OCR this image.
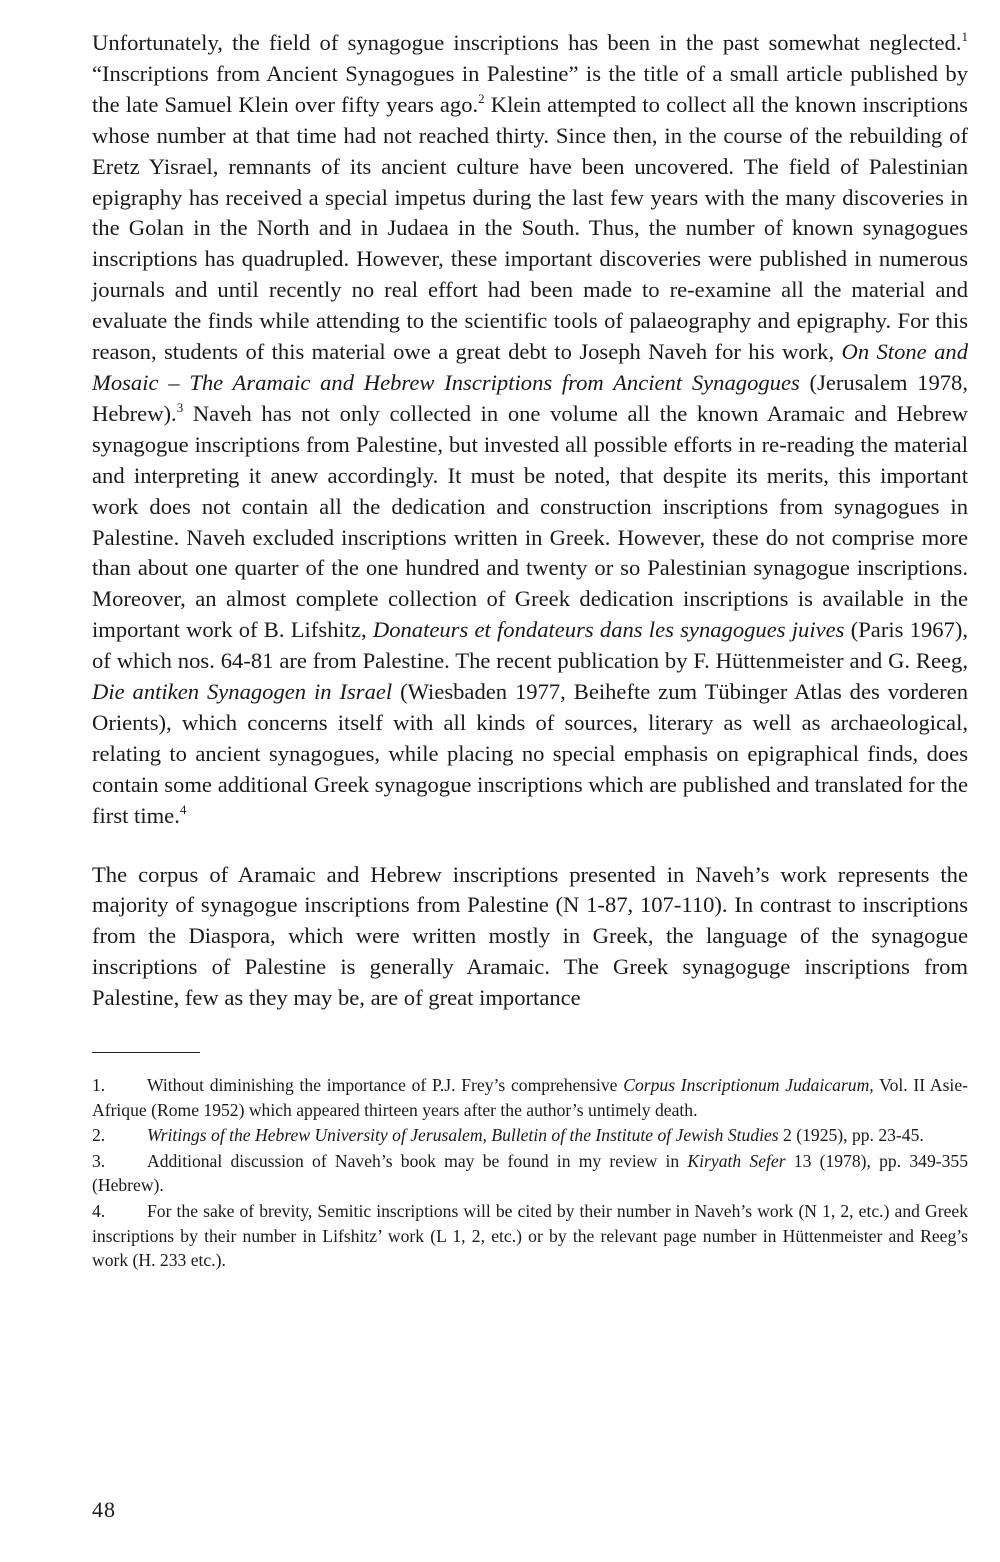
Unfortunately, the field of synagogue inscriptions has been in the past somewhat neglected.$^1$ “Inscriptions from Ancient Synagogues in Palestine” is the title of a small article published by the late Samuel Klein over fifty years ago.$^2$ Klein attempted to collect all the known inscriptions whose number at that time had not reached thirty. Since then, in the course of the rebuilding of Eretz Yisrael, remnants of its ancient culture have been uncovered. The field of Palestinian epigraphy has received a special impetus during the last few years with the many discoveries in the Golan in the North and in Judaea in the South. Thus, the number of known synagogues inscriptions has quadrupled. However, these important discoveries were published in numerous journals and until recently no real effort had been made to re-examine all the material and evaluate the finds while attending to the scientific tools of palaeography and epigraphy. For this reason, students of this material owe a great debt to Joseph Naveh for his work, On Stone and Mosaic – The Aramaic and Hebrew Inscriptions from Ancient Synagogues (Jerusalem 1978, Hebrew).$^3$ Naveh has not only collected in one volume all the known Aramaic and Hebrew synagogue inscriptions from Palestine, but invested all possible efforts in re-reading the material and interpreting it anew accordingly. It must be noted, that despite its merits, this important work does not contain all the dedication and construction inscriptions from synagogues in Palestine. Naveh excluded inscriptions written in Greek. However, these do not comprise more than about one quarter of the one hundred and twenty or so Palestinian synagogue inscriptions. Moreover, an almost complete collection of Greek dedication inscriptions is available in the important work of B. Lifshitz, Donateurs et fondateurs dans les synagogues juives (Paris 1967), of which nos. 64-81 are from Palestine. The recent publication by F. Hüttenmeister and G. Reeg, Die antiken Synagogen in Israel (Wiesbaden 1977, Beihefte zum Tübinger Atlas des vorderen Orients), which concerns itself with all kinds of sources, literary as well as archaeological, relating to ancient synagogues, while placing no special emphasis on epigraphical finds, does contain some additional Greek synagogue inscriptions which are published and translated for the first time.$^4$

The corpus of Aramaic and Hebrew inscriptions presented in Naveh’s work represents the majority of synagogue inscriptions from Palestine (N 1-87, 107-110). In contrast to inscriptions from the Diaspora, which were written mostly in Greek, the language of the synagogue inscriptions of Palestine is generally Aramaic. The Greek synagoguge inscriptions from Palestine, few as they may be, are of great importance

1. Without diminishing the importance of P.J. Frey’s comprehensive Corpus Inscriptionum Judaicarum, Vol. II Asie-Afrique (Rome 1952) which appeared thirteen years after the author’s untimely death.

2. Writings of the Hebrew University of Jerusalem, Bulletin of the Institute of Jewish Studies 2 (1925), pp. 23-45.

3. Additional discussion of Naveh’s book may be found in my review in Kiryath Sefer 13 (1978), pp. 349-355 (Hebrew).

4. For the sake of brevity, Semitic inscriptions will be cited by their number in Naveh’s work (N 1, 2, etc.) and Greek inscriptions by their number in Lifshitz’ work (L 1, 2, etc.) or by the relevant page number in Hüttenmeister and Reeg’s work (H. 233 etc.).

48
